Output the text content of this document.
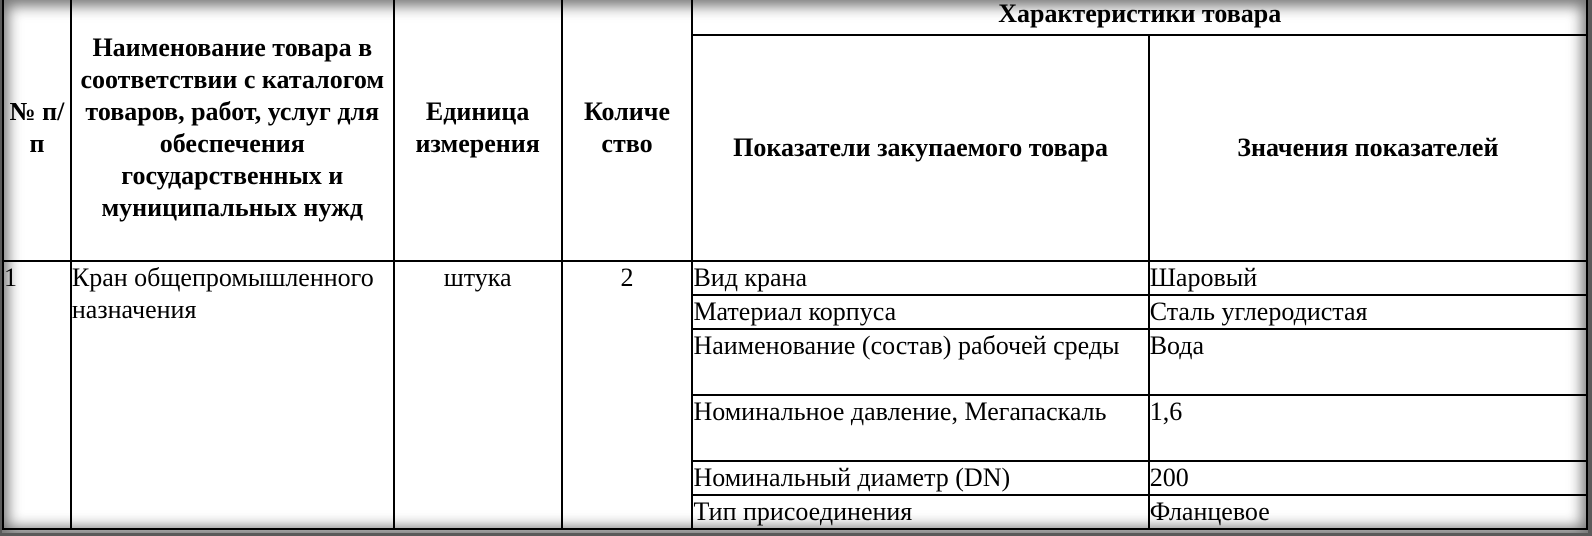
№ п/п	Наименование товара в соответствии с каталогом товаров, работ, услуг для обеспечения государственных и муниципальных нужд	Единица измерения	Количе ство	Характеристики товара	
				Показатели закупаемого товара	Значения показателей
1	Кран общепромышленного назначения	штука	2	Вид крана	Шаровый
				Материал корпуса	Сталь углеродистая
				Наименование (состав) рабочей среды	Вода
				Номинальное давление, Мегапаскаль	1,6
				Номинальный диаметр (DN)	200
				Тип присоединения	Фланцевое
